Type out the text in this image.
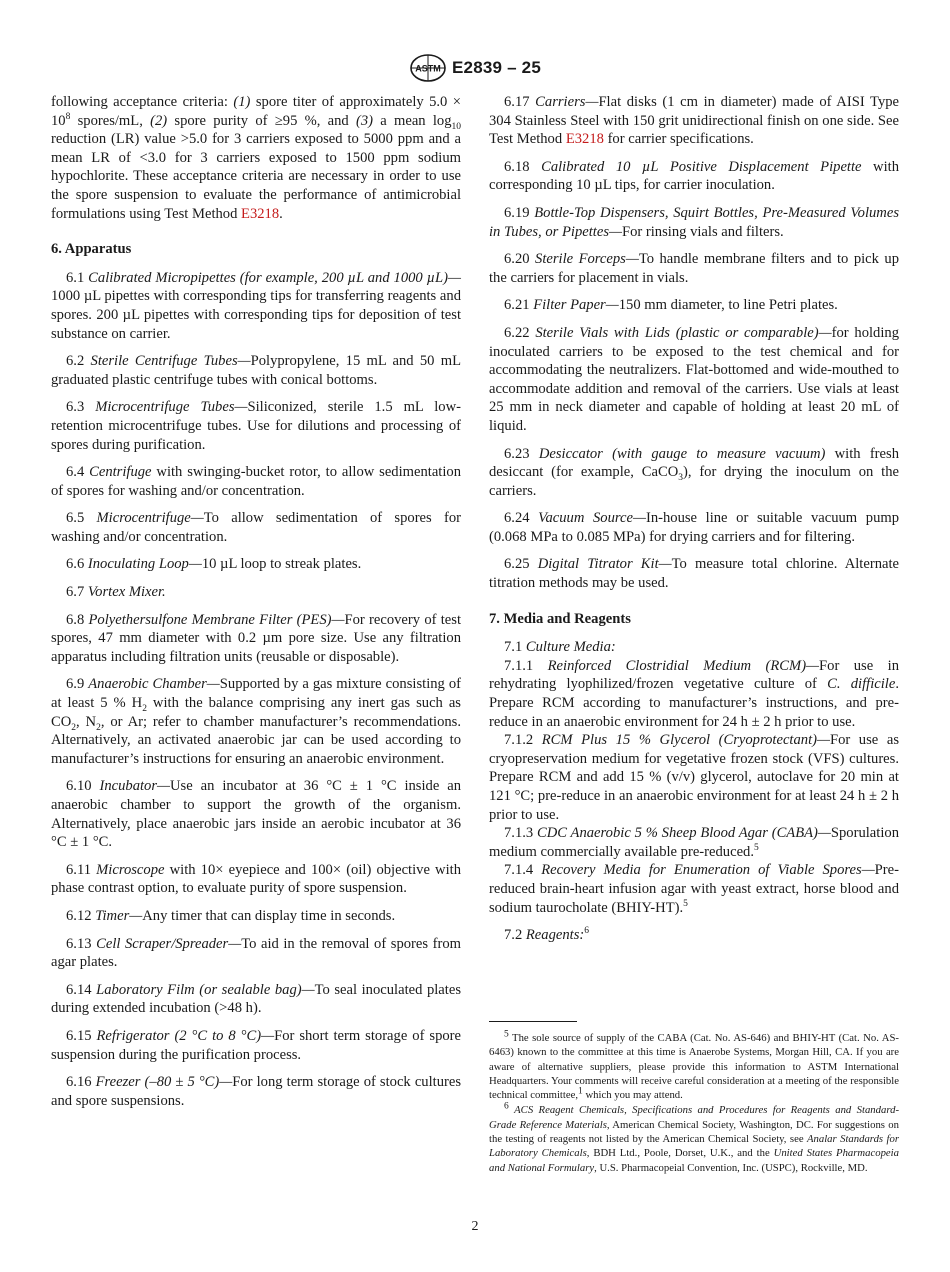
ASTM E2839 – 25

following acceptance criteria: (1) spore titer of approximately $5.0 \times 10^8$ spores/mL, (2) spore purity of ≥95 %, and (3) a mean $\log_{10}$ reduction (LR) value >5.0 for 3 carriers exposed to 5000 ppm and a mean LR of <3.0 for 3 carriers exposed to 1500 ppm sodium hypochlorite. These acceptance criteria are necessary in order to use the spore suspension to evaluate the performance of antimicrobial formulations using Test Method E3218.

6. Apparatus

6.1 Calibrated Micropipettes (for example, 200 µL and 1000 µL)—1000 µL pipettes with corresponding tips for transferring reagents and spores. 200 µL pipettes with corresponding tips for deposition of test substance on carrier.

6.2 Sterile Centrifuge Tubes—Polypropylene, 15 mL and 50 mL graduated plastic centrifuge tubes with conical bottoms.

6.3 Microcentrifuge Tubes—Siliconized, sterile 1.5 mL low-retention microcentrifuge tubes. Use for dilutions and processing of spores during purification.

6.4 Centrifuge with swinging-bucket rotor, to allow sedimentation of spores for washing and/or concentration.

6.5 Microcentrifuge—To allow sedimentation of spores for washing and/or concentration.

6.6 Inoculating Loop—10 µL loop to streak plates.

6.7 Vortex Mixer.

6.8 Polyethersulfone Membrane Filter (PES)—For recovery of test spores, 47 mm diameter with 0.2 µm pore size. Use any filtration apparatus including filtration units (reusable or disposable).

6.9 Anaerobic Chamber—Supported by a gas mixture consisting of at least 5 % $H_2$ with the balance comprising any inert gas such as $CO_2$, $N_2$, or Ar; refer to chamber manufacturer’s recommendations. Alternatively, an activated anaerobic jar can be used according to manufacturer’s instructions for ensuring an anaerobic environment.

6.10 Incubator—Use an incubator at 36 °C ± 1 °C inside an anaerobic chamber to support the growth of the organism. Alternatively, place anaerobic jars inside an aerobic incubator at 36 °C ± 1 °C.

6.11 Microscope with 10× eyepiece and 100× (oil) objective with phase contrast option, to evaluate purity of spore suspension.

6.12 Timer—Any timer that can display time in seconds.

6.13 Cell Scraper/Spreader—To aid in the removal of spores from agar plates.

6.14 Laboratory Film (or sealable bag)—To seal inoculated plates during extended incubation (>48 h).

6.15 Refrigerator (2 °C to 8 °C)—For short term storage of spore suspension during the purification process.

6.16 Freezer (–80 ± 5 °C)—For long term storage of stock cultures and spore suspensions.

6.17 Carriers—Flat disks (1 cm in diameter) made of AISI Type 304 Stainless Steel with 150 grit unidirectional finish on one side. See Test Method E3218 for carrier specifications.

6.18 Calibrated 10 µL Positive Displacement Pipette with corresponding 10 µL tips, for carrier inoculation.

6.19 Bottle-Top Dispensers, Squirt Bottles, Pre-Measured Volumes in Tubes, or Pipettes—For rinsing vials and filters.

6.20 Sterile Forceps—To handle membrane filters and to pick up the carriers for placement in vials.

6.21 Filter Paper—150 mm diameter, to line Petri plates.

6.22 Sterile Vials with Lids (plastic or comparable)—for holding inoculated carriers to be exposed to the test chemical and for accommodating the neutralizers. Flat-bottomed and wide-mouthed to accommodate addition and removal of the carriers. Use vials at least 25 mm in neck diameter and capable of holding at least 20 mL of liquid.

6.23 Desiccator (with gauge to measure vacuum) with fresh desiccant (for example, CaCO$_3$), for drying the inoculum on the carriers.

6.24 Vacuum Source—In-house line or suitable vacuum pump (0.068 MPa to 0.085 MPa) for drying carriers and for filtering.

6.25 Digital Titrator Kit—To measure total chlorine. Alternate titration methods may be used.

7. Media and Reagents

7.1 Culture Media:

7.1.1 Reinforced Clostridial Medium (RCM)—For use in rehydrating lyophilized/frozen vegetative culture of C. difficile. Prepare RCM according to manufacturer’s instructions, and pre-reduce in an anaerobic environment for 24 h ± 2 h prior to use.

7.1.2 RCM Plus 15 % Glycerol (Cryoprotectant)—For use as cryopreservation medium for vegetative frozen stock (VFS) cultures. Prepare RCM and add 15 % (v/v) glycerol, autoclave for 20 min at 121 °C; pre-reduce in an anaerobic environment for at least 24 h ± 2 h prior to use.

7.1.3 CDC Anaerobic 5 % Sheep Blood Agar (CABA)—Sporulation medium commercially available pre-reduced.$^5$

7.1.4 Recovery Media for Enumeration of Viable Spores—Pre-reduced brain-heart infusion agar with yeast extract, horse blood and sodium taurocholate (BHIY-HT).$^5$

7.2 Reagents:$^6$

$^5$ The sole source of supply of the CABA (Cat. No. AS-646) and BHIY-HT (Cat. No. AS-6463) known to the committee at this time is Anaerobe Systems, Morgan Hill, CA. If you are aware of alternative suppliers, please provide this information to ASTM International Headquarters. Your comments will receive careful consideration at a meeting of the responsible technical committee,$^1$ which you may attend.

$^6$ ACS Reagent Chemicals, Specifications and Procedures for Reagents and Standard-Grade Reference Materials, American Chemical Society, Washington, DC. For suggestions on the testing of reagents not listed by the American Chemical Society, see Analar Standards for Laboratory Chemicals, BDH Ltd., Poole, Dorset, U.K., and the United States Pharmacopeia and National Formulary, U.S. Pharmacopeial Convention, Inc. (USPC), Rockville, MD.

2
